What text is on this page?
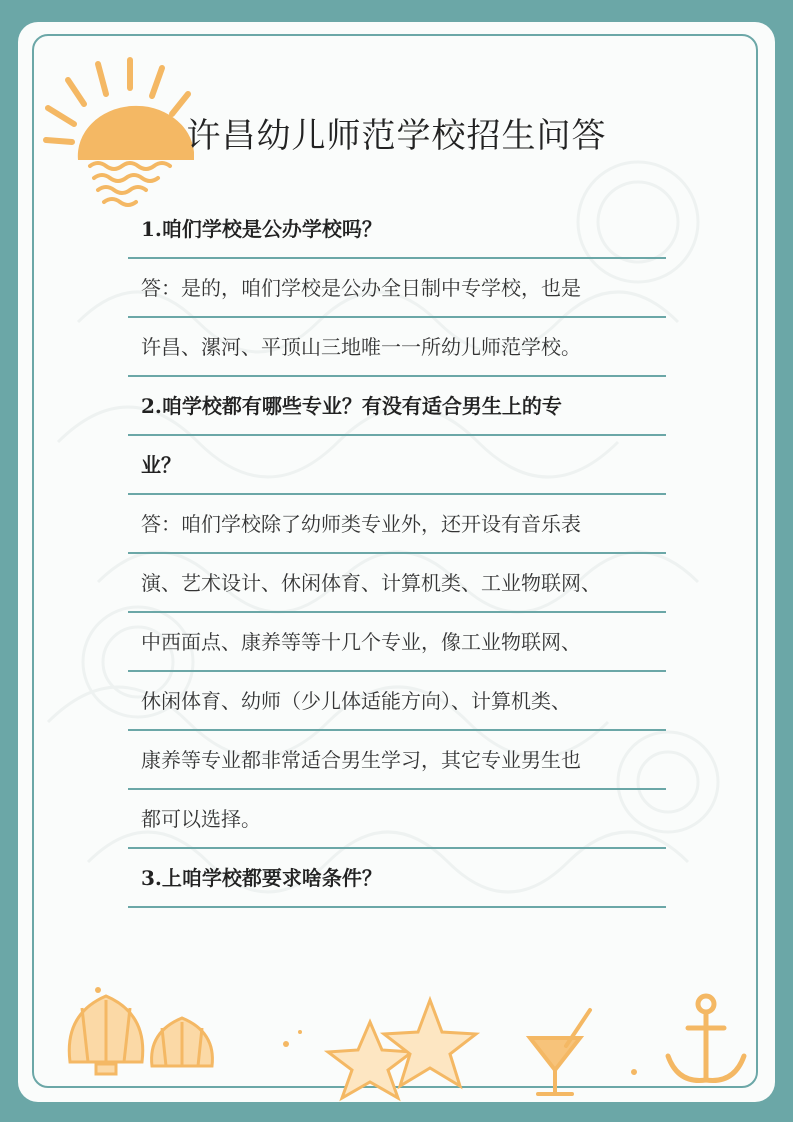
许昌幼儿师范学校招生问答
1.咱们学校是公办学校吗？
答：是的，咱们学校是公办全日制中专学校，也是
许昌、漯河、平顶山三地唯一一所幼儿师范学校。
2.咱学校都有哪些专业？有没有适合男生上的专
业？
答：咱们学校除了幼师类专业外，还开设有音乐表
演、艺术设计、休闲体育、计算机类、工业物联网、
中西面点、康养等等十几个专业，像工业物联网、
休闲体育、幼师（少儿体适能方向）、计算机类、
康养等专业都非常适合男生学习，其它专业男生也
都可以选择。
3.上咱学校都要求啥条件？
